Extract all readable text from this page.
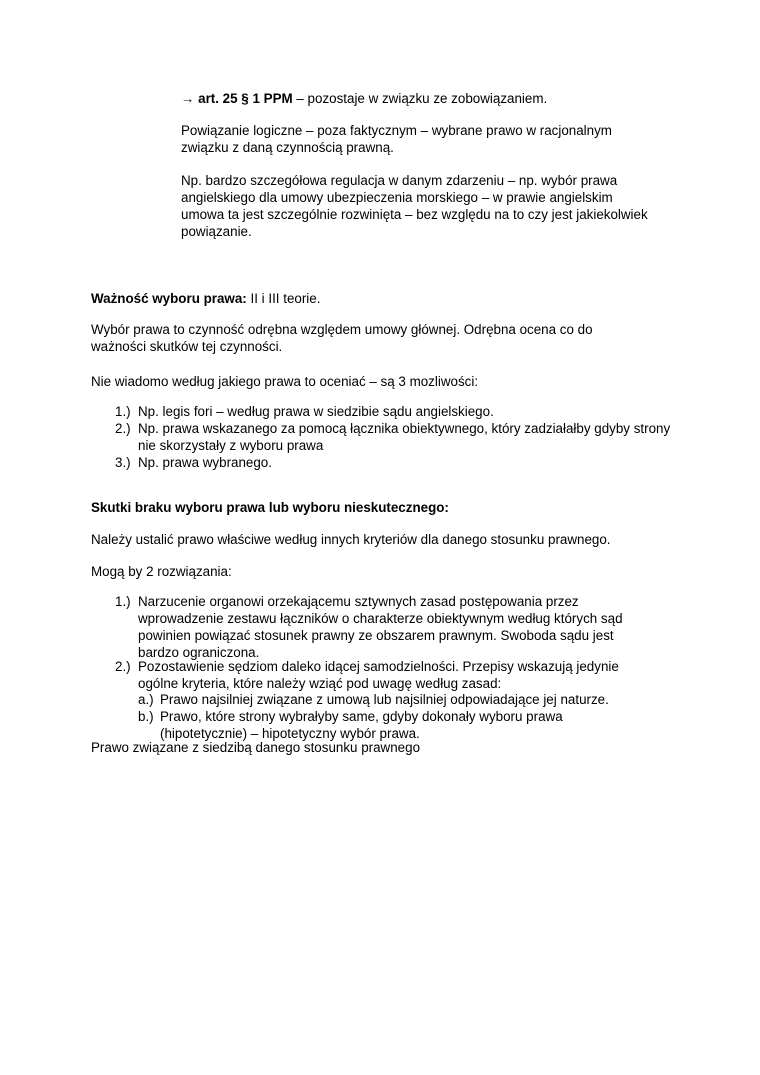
→ art. 25 § 1 PPM – pozostaje w związku ze zobowiązaniem.

Powiązanie logiczne – poza faktycznym – wybrane prawo w racjonalnym związku z daną czynnością prawną.

Np. bardzo szczegółowa regulacja w danym zdarzeniu – np. wybór prawa angielskiego dla umowy ubezpieczenia morskiego – w prawie angielskim umowa ta jest szczególnie rozwinięta – bez względu na to czy jest jakiekolwiek powiązanie.

Ważność wyboru prawa: II i III teorie.

Wybór prawa to czynność odrębna względem umowy głównej. Odrębna ocena co do ważności skutków tej czynności.

Nie wiadomo według jakiego prawa to oceniać – są 3 mozliwości:

1.) Np. legis fori – według prawa w siedzibie sądu angielskiego.
2.) Np. prawa wskazanego za pomocą łącznika obiektywnego, który zadziałałby gdyby strony nie skorzystały z wyboru prawa
3.) Np. prawa wybranego.

Skutki braku wyboru prawa lub wyboru nieskutecznego:

Należy ustalić prawo właściwe według innych kryteriów dla danego stosunku prawnego.

Mogą by 2 rozwiązania:

1.) Narzucenie organowi orzekającemu sztywnych zasad postępowania przez wprowadzenie zestawu łączników o charakterze obiektywnym według których sąd powinien powiązać stosunek prawny ze obszarem prawnym. Swoboda sądu jest bardzo ograniczona.
2.) Pozostawienie sędziom daleko idącej samodzielności. Przepisy wskazują jedynie ogólne kryteria, które należy wziąć pod uwagę według zasad:
a.) Prawo najsilniej związane z umową lub najsilniej odpowiadające jej naturze.
b.) Prawo, które strony wybrałyby same, gdyby dokonały wyboru prawa (hipotetycznie) – hipotetyczny wybór prawa.

Prawo związane z siedzibą danego stosunku prawnego
